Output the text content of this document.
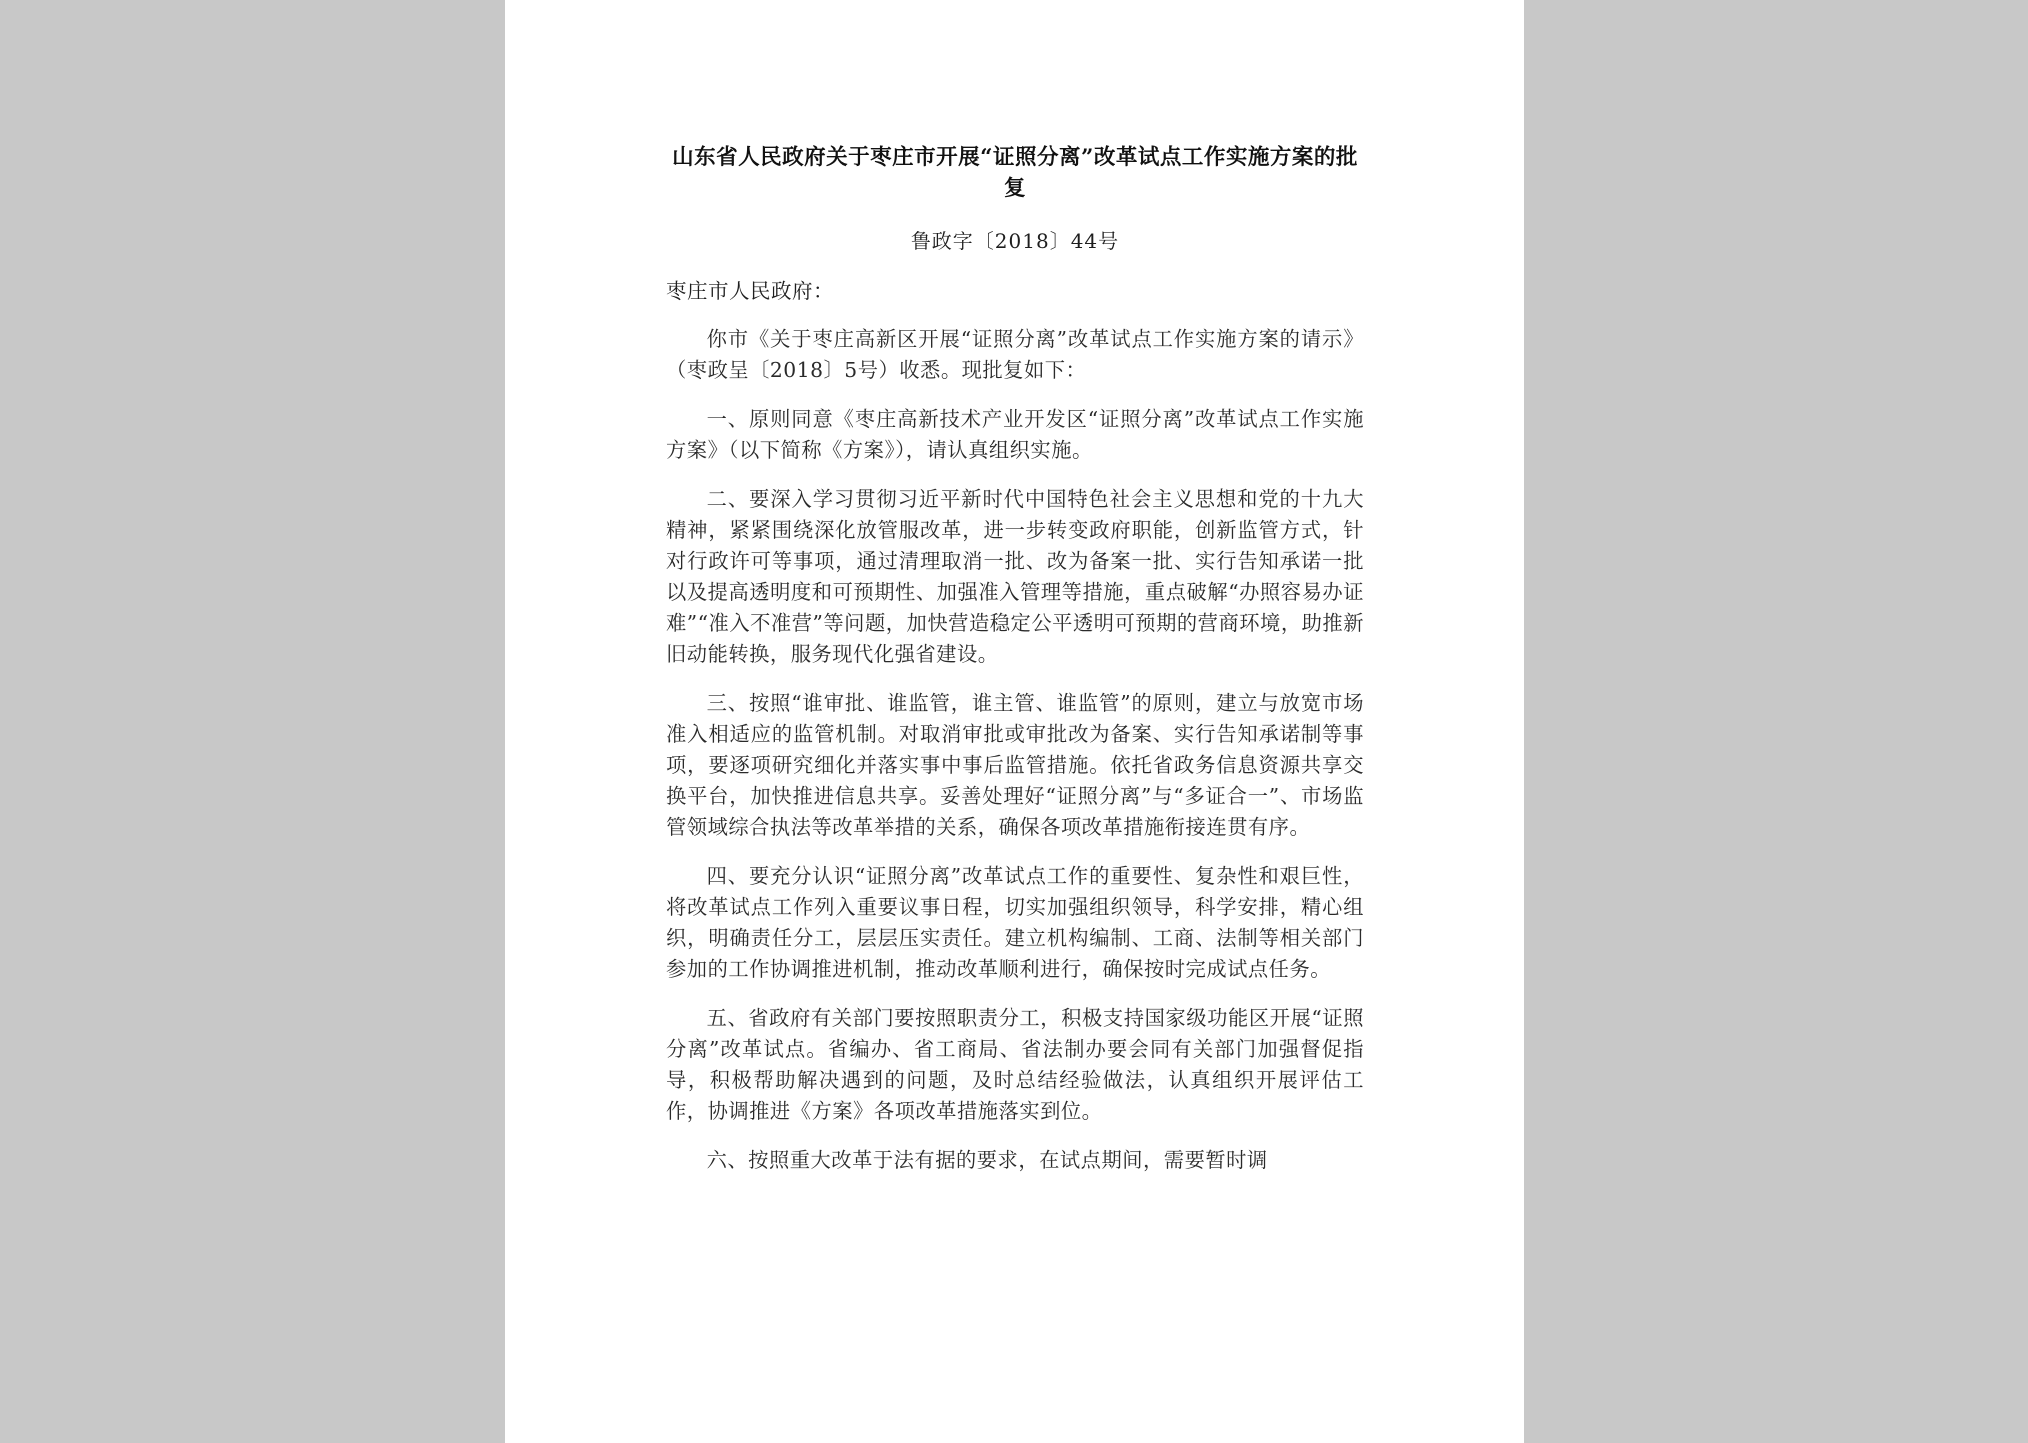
山东省人民政府关于枣庄市开展“证照分离”改革试点工作实施方案的批复
鲁政字〔2018〕44号
枣庄市人民政府：

你市《关于枣庄高新区开展“证照分离”改革试点工作实施方案的请示》（枣政呈〔2018〕5号）收悉。现批复如下：

一、原则同意《枣庄高新技术产业开发区“证照分离”改革试点工作实施方案》（以下简称《方案》），请认真组织实施。

二、要深入学习贯彻习近平新时代中国特色社会主义思想和党的十九大精神，紧紧围绕深化放管服改革，进一步转变政府职能，创新监管方式，针对行政许可等事项，通过清理取消一批、改为备案一批、实行告知承诺一批以及提高透明度和可预期性、加强准入管理等措施，重点破解“办照容易办证难”“准入不准营”等问题，加快营造稳定公平透明可预期的营商环境，助推新旧动能转换，服务现代化强省建设。

三、按照“谁审批、谁监管，谁主管、谁监管”的原则，建立与放宽市场准入相适应的监管机制。对取消审批或审批改为备案、实行告知承诺制等事项，要逐项研究细化并落实事中事后监管措施。依托省政务信息资源共享交换平台，加快推进信息共享。妥善处理好“证照分离”与“多证合一”、市场监管领域综合执法等改革举措的关系，确保各项改革措施衔接连贯有序。

四、要充分认识“证照分离”改革试点工作的重要性、复杂性和艰巨性，将改革试点工作列入重要议事日程，切实加强组织领导，科学安排，精心组织，明确责任分工，层层压实责任。建立机构编制、工商、法制等相关部门参加的工作协调推进机制，推动改革顺利进行，确保按时完成试点任务。

五、省政府有关部门要按照职责分工，积极支持国家级功能区开展“证照分离”改革试点。省编办、省工商局、省法制办要会同有关部门加强督促指导，积极帮助解决遇到的问题，及时总结经验做法，认真组织开展评估工作，协调推进《方案》各项改革措施落实到位。

六、按照重大改革于法有据的要求，在试点期间，需要暂时调
